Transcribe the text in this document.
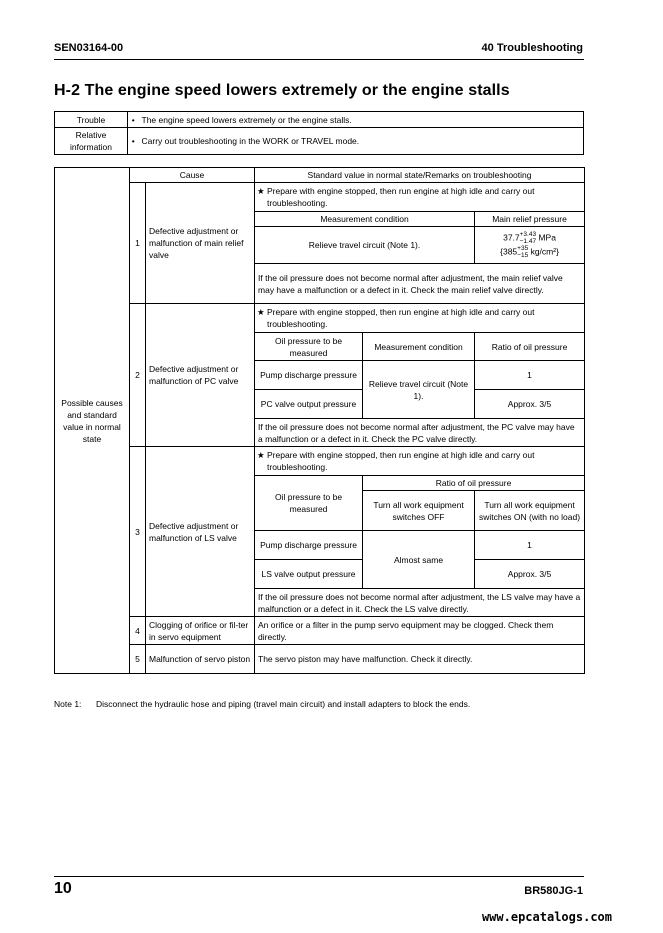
SEN03164-00	40 Troubleshooting
H-2 The engine speed lowers extremely or the engine stalls
Trouble	•	The engine speed lowers extremely or the engine stalls.
Relative information	•	Carry out troubleshooting in the WORK or TRAVEL mode.
Possible causes and standard value in normal state	Cause		Standard value in normal state/Remarks on troubleshooting		
	1	Defective adjustment or malfunction of main relief valve	★ Prepare with engine stopped, then run engine at high idle and carry out troubleshooting.		
			Measurement condition		Main relief pressure
			Relieve travel circuit (Note 1).		37.7+3.43
−1.47 MPa
{385+35
−15 kg/cm²}

			If the oil pressure does not become normal after adjustment, the main relief valve may have a malfunction or a defect in it. Check the main relief valve directly.		
	2	Defective adjustment or malfunction of PC valve	★ Prepare with engine stopped, then run engine at high idle and carry out troubleshooting.		
			Oil pressure to be measured	Measurement condition	Ratio of oil pressure
			Pump discharge pressure	Relieve travel circuit (Note 1).	1
			PC valve output pressure		Approx. 3/5
			If the oil pressure does not become normal after adjustment, the PC valve may have a malfunction or a defect in it. Check the PC valve directly.		
	3	Defective adjustment or malfunction of LS valve	★ Prepare with engine stopped, then run engine at high idle and carry out troubleshooting.		
			Oil pressure to be measured	Ratio of oil pressure	
				Turn all work equipment switches OFF	Turn all work equipment switches ON (with no load)
			Pump discharge pressure	Almost same	1
			LS valve output pressure		Approx. 3/5
			If the oil pressure does not become normal after adjustment, the LS valve may have a malfunction or a defect in it. Check the LS valve directly.		
	4	Clogging of orifice or fil-ter in servo equipment	An orifice or a filter in the pump servo equipment may be clogged. Check them directly.		
	5	Malfunction of servo piston	The servo piston may have malfunction. Check it directly.		
Note 1: Disconnect the hydraulic hose and piping (travel main circuit) and install adapters to block the ends.
10	BR580JG-1
www.epcatalogs.com
